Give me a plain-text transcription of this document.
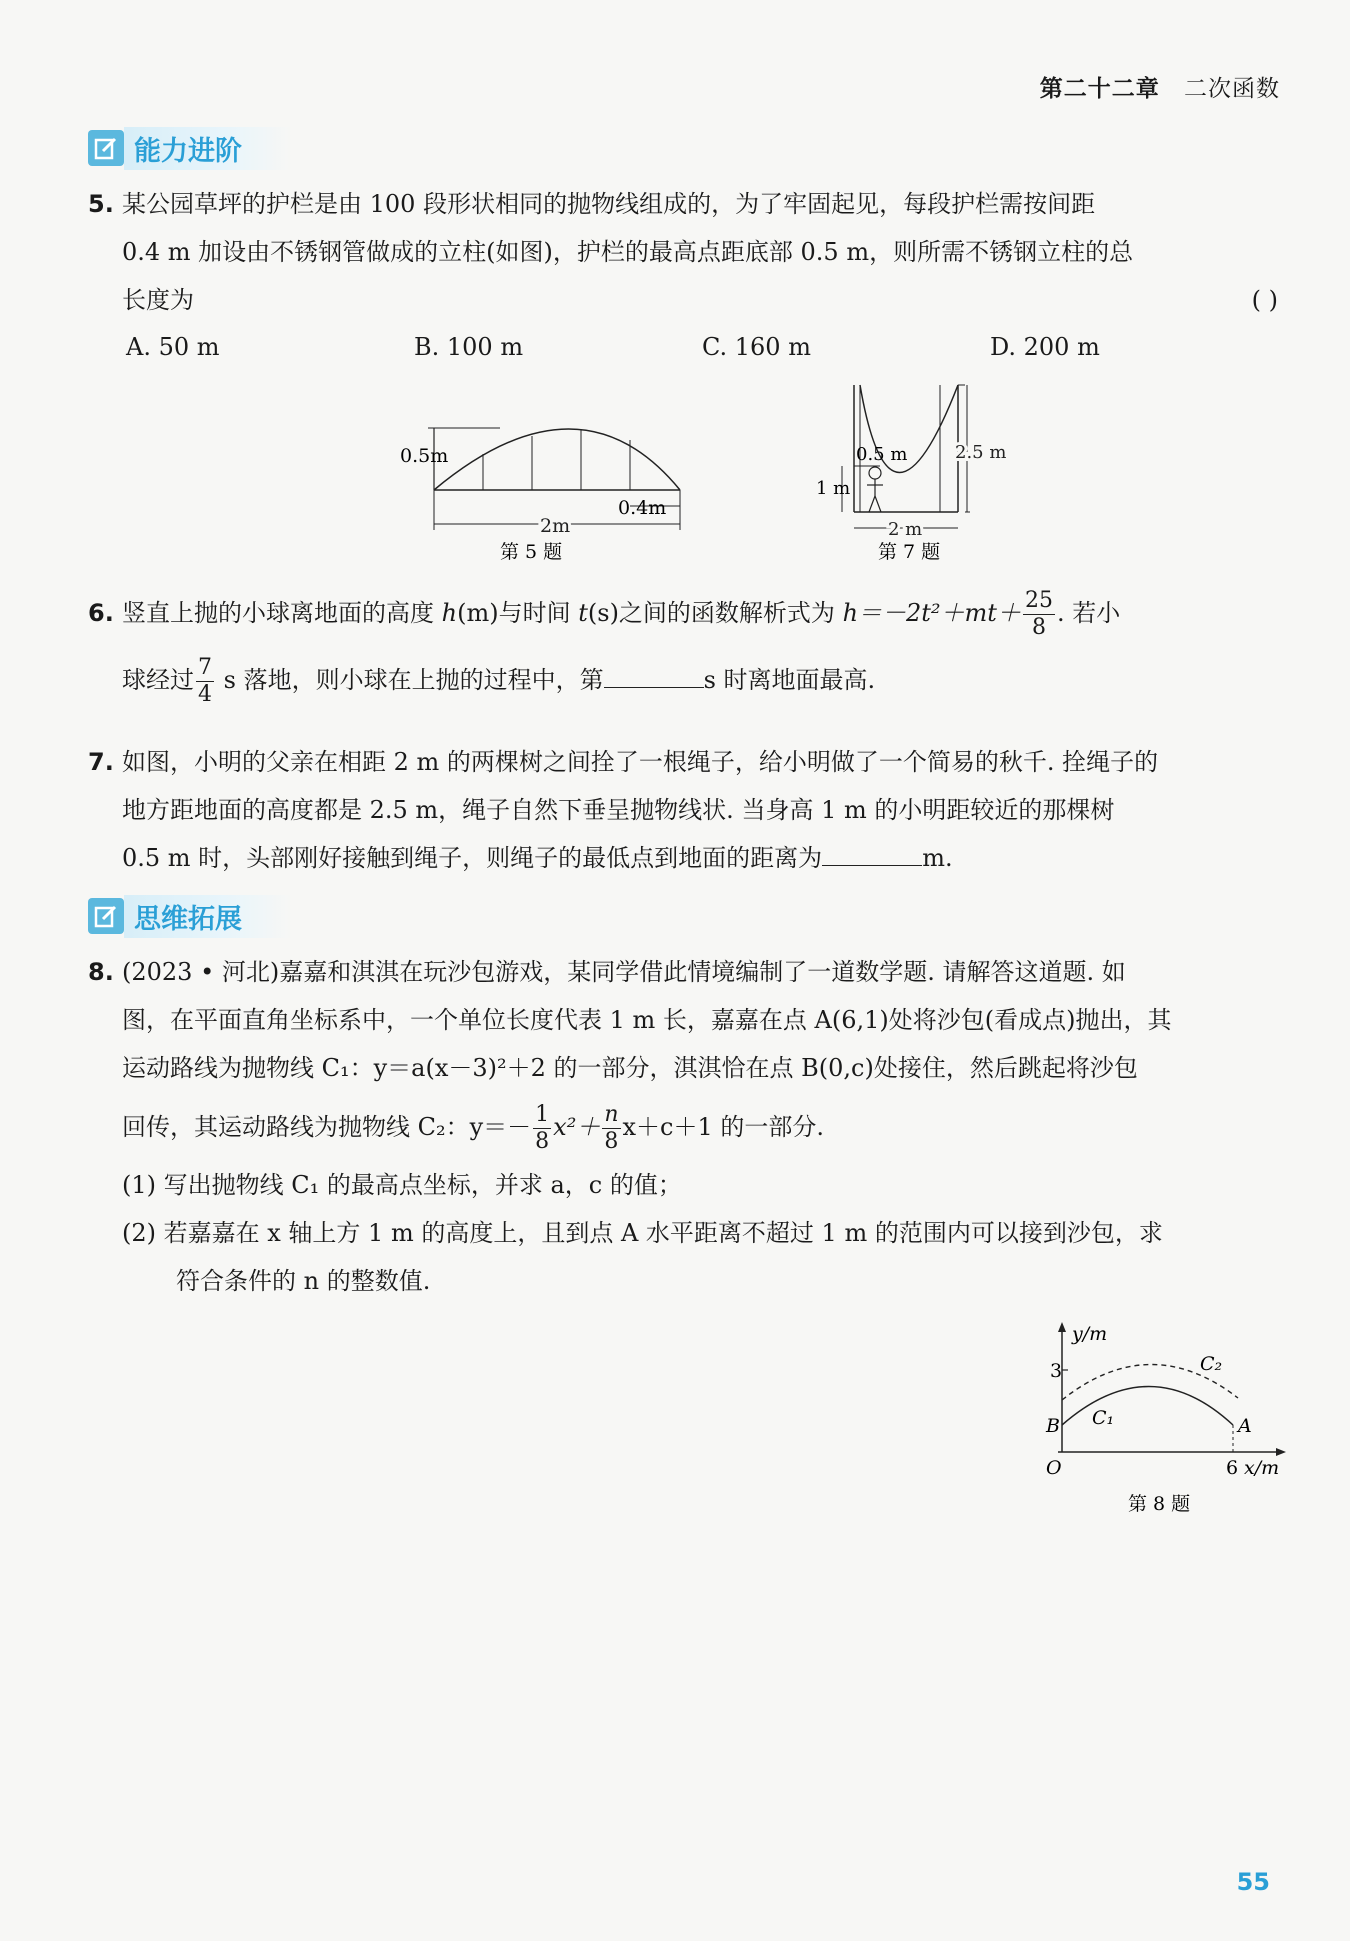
第二十二章 二次函数
能力进阶
5. 某公园草坪的护栏是由 100 段形状相同的抛物线组成的，为了牢固起见，每段护栏需按间距
0.4 m 加设由不锈钢管做成的立柱(如图)，护栏的最高点距底部 0.5 m，则所需不锈钢立柱的总
长度为	( )
A. 50 m	B. 100 m	C. 160 m	D. 200 m
0.5m
2m
0.4m
第 5 题
0.5 m
1 m
2.5 m
2 m
第 7 题
6. 竖直上抛的小球离地面的高度 h(m)与时间 t(s)之间的函数解析式为 $h=-2t^2+mt+ \frac{25}{8}$ . 若小
球经过 $\frac{7}{4}$ s 落地，则小球在上抛的过程中，第	s 时离地面最高.
7. 如图，小明的父亲在相距 2 m 的两棵树之间拴了一根绳子，给小明做了一个简易的秋千. 拴绳子的
地方距地面的高度都是 2.5 m，绳子自然下垂呈抛物线状. 当身高 1 m 的小明距较近的那棵树
0.5 m 时，头部刚好接触到绳子，则绳子的最低点到地面的距离为	m.
思维拓展
8. (2023 • 河北)嘉嘉和淇淇在玩沙包游戏，某同学借此情境编制了一道数学题. 请解答这道题. 如
图，在平面直角坐标系中，一个单位长度代表 1 m 长，嘉嘉在点 A(6,1)处将沙包(看成点)抛出，其
运动路线为抛物线 C₁：y＝a(x－3)²＋2 的一部分，淇淇恰在点 B(0,c)处接住，然后跳起将沙包
回传，其运动路线为抛物线 C₂：$y=- \frac{1}{8} x^2+ \frac{n}{8} x+c+1$ 的一部分.
(1) 写出抛物线 C₁ 的最高点坐标，并求 a，c 的值；
(2) 若嘉嘉在 x 轴上方 1 m 的高度上，且到点 A 水平距离不超过 1 m 的范围内可以接到沙包，求
符合条件的 n 的整数值.
y/m
3
B C₁
C₂
A
O	6 x/m
第 8 题
55
